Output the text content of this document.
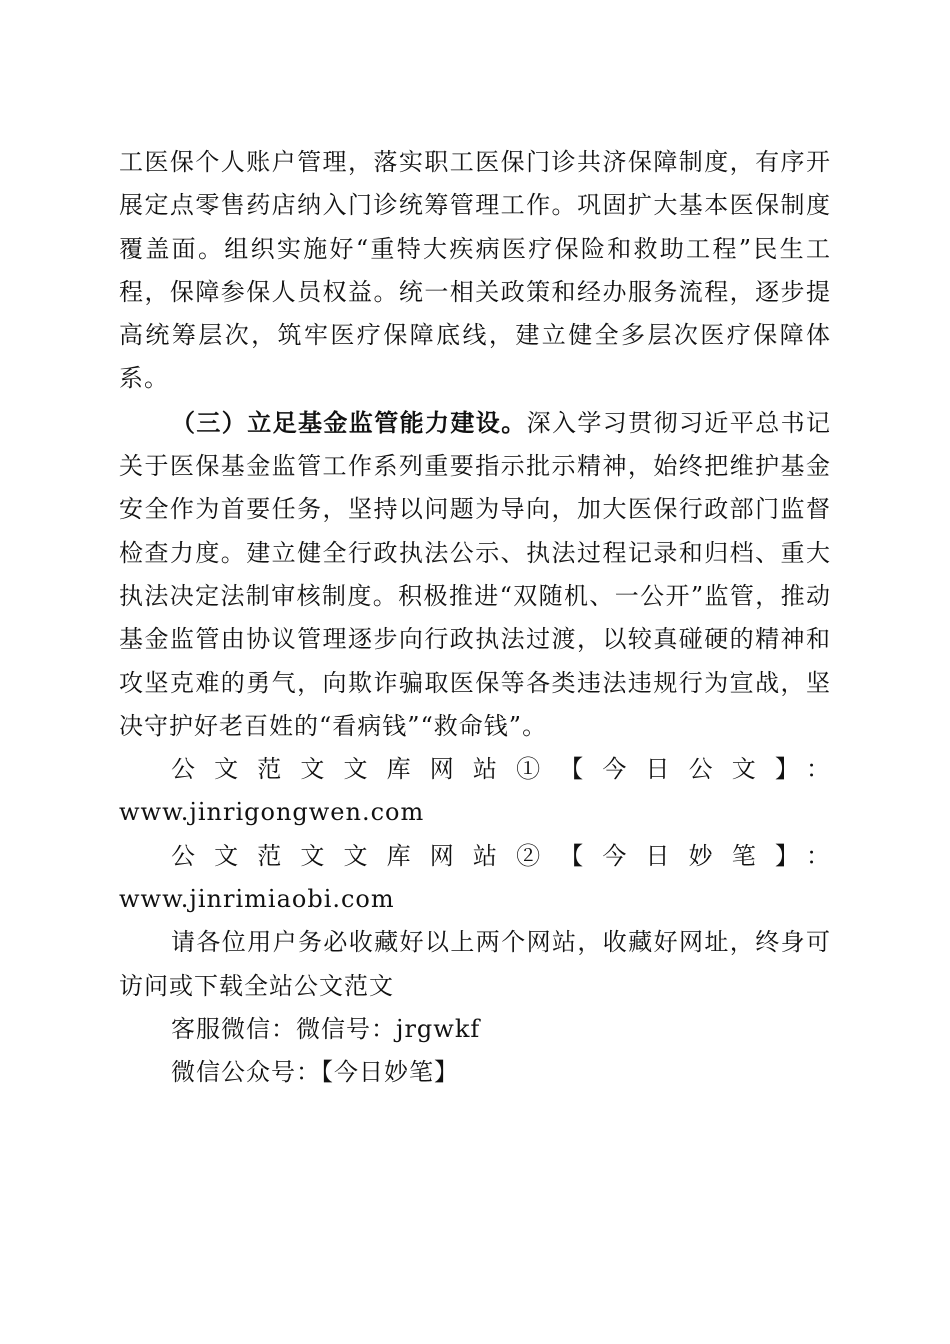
工医保个人账户管理，落实职工医保门诊共济保障制度，有序开展定点零售药店纳入门诊统筹管理工作。巩固扩大基本医保制度覆盖面。组织实施好“重特大疾病医疗保险和救助工程”民生工程，保障参保人员权益。统一相关政策和经办服务流程，逐步提高统筹层次，筑牢医疗保障底线，建立健全多层次医疗保障体系。

（三）立足基金监管能力建设。深入学习贯彻习近平总书记关于医保基金监管工作系列重要指示批示精神，始终把维护基金安全作为首要任务，坚持以问题为导向，加大医保行政部门监督检查力度。建立健全行政执法公示、执法过程记录和归档、重大执法决定法制审核制度。积极推进“双随机、一公开”监管，推动基金监管由协议管理逐步向行政执法过渡，以较真碰硬的精神和攻坚克难的勇气，向欺诈骗取医保等各类违法违规行为宣战，坚决守护好老百姓的“看病钱”“救命钱”。

公文范文文库网站①【今日公文】：

www.jinrigongwen.com

公文范文文库网站②【今日妙笔】：www.jinrimiaobi.com

请各位用户务必收藏好以上两个网站，收藏好网址，终身可访问或下载全站公文范文

客服微信：微信号：jrgwkf

微信公众号：【今日妙笔】
